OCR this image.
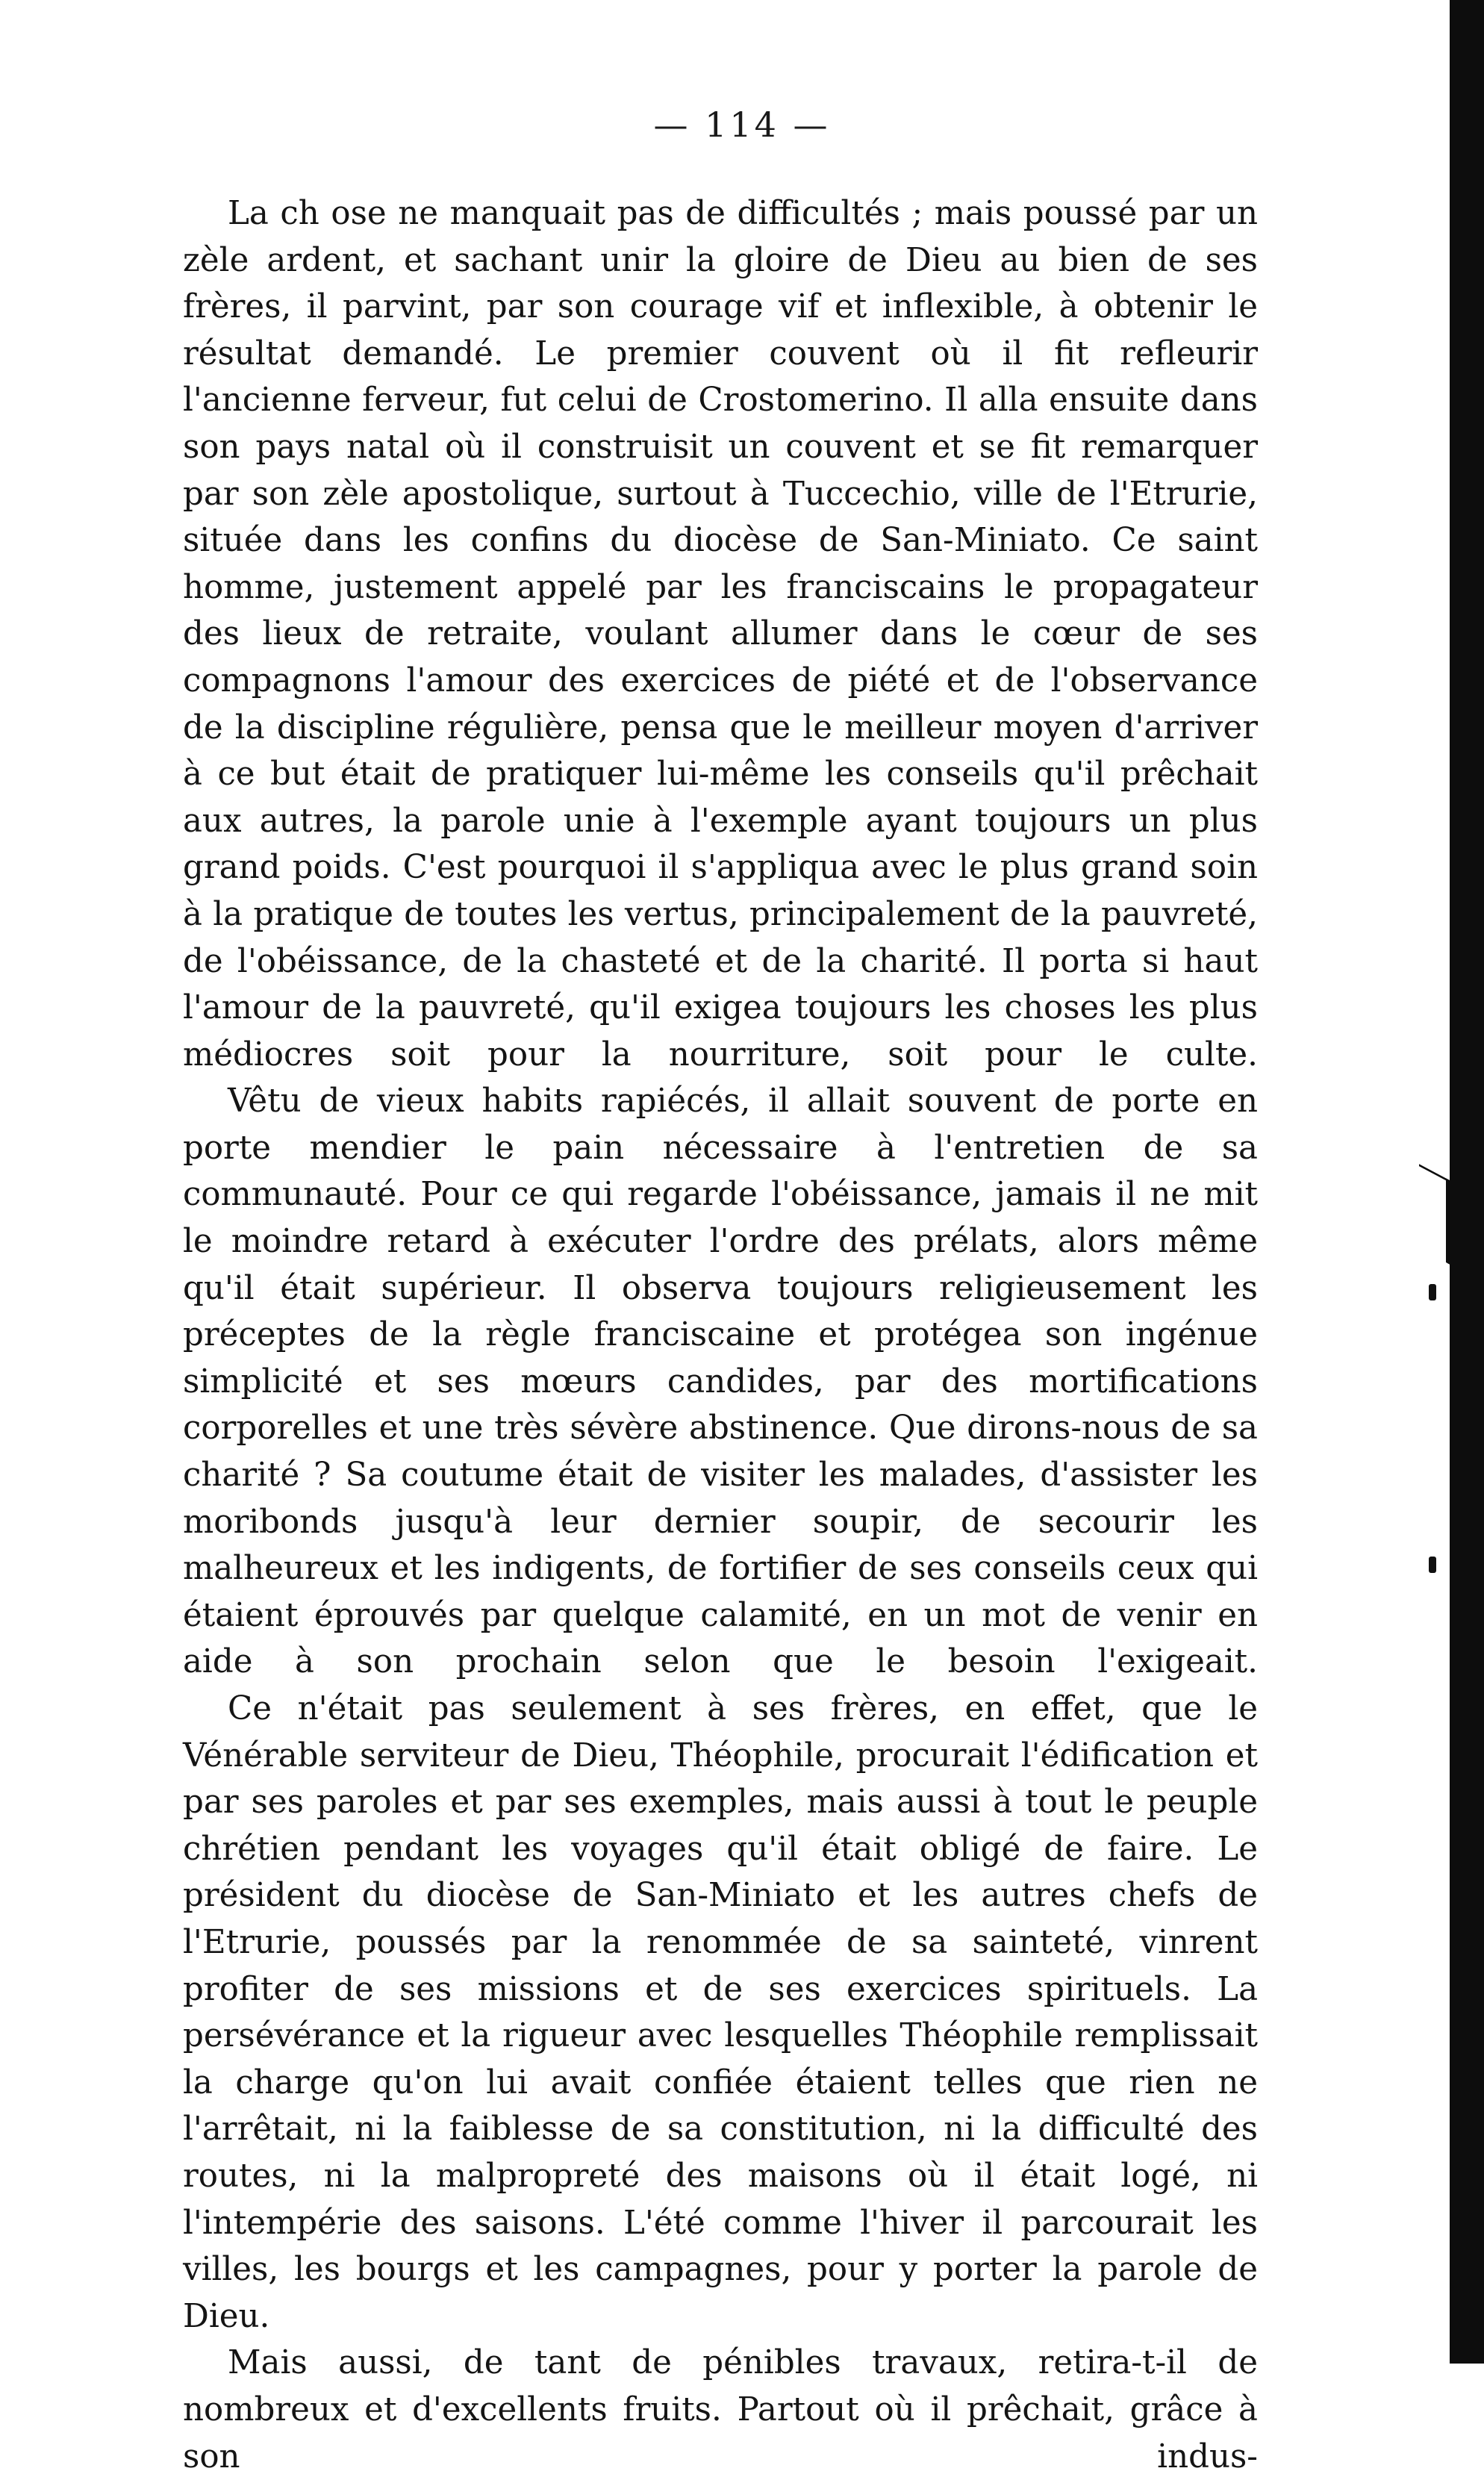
— 114 —

La ch ose ne manquait pas de difficultés ; mais poussé par un zèle ardent, et sachant unir la gloire de Dieu au bien de ses frères, il parvint, par son courage vif et inflexible, à obtenir le résultat demandé. Le premier couvent où il fit refleurir l'ancienne ferveur, fut celui de Crostomerino. Il alla ensuite dans son pays natal où il construisit un couvent et se fit remarquer par son zèle apostolique, surtout à Tuccechio, ville de l'Etrurie, située dans les confins du diocèse de San-Miniato. Ce saint homme, justement appelé par les franciscains le propagateur des lieux de retraite, voulant allumer dans le cœur de ses compagnons l'amour des exercices de piété et de l'observance de la discipline régulière, pensa que le meilleur moyen d'arriver à ce but était de pratiquer lui-même les conseils qu'il prêchait aux autres, la parole unie à l'exemple ayant toujours un plus grand poids. C'est pourquoi il s'appliqua avec le plus grand soin à la pratique de toutes les vertus, principalement de la pauvreté, de l'obéissance, de la chasteté et de la charité. Il porta si haut l'amour de la pauvreté, qu'il exigea toujours les choses les plus médiocres soit pour la nourriture, soit pour le culte.

Vêtu de vieux habits rapiécés, il allait souvent de porte en porte mendier le pain nécessaire à l'entretien de sa communauté. Pour ce qui regarde l'obéissance, jamais il ne mit le moindre retard à exécuter l'ordre des prélats, alors même qu'il était supérieur. Il observa toujours religieusement les préceptes de la règle franciscaine et protégea son ingénue simplicité et ses mœurs candides, par des mortifications corporelles et une très sévère abstinence. Que dirons-nous de sa charité ? Sa coutume était de visiter les malades, d'assister les moribonds jusqu'à leur dernier soupir, de secourir les malheureux et les indigents, de fortifier de ses conseils ceux qui étaient éprouvés par quelque calamité, en un mot de venir en aide à son prochain selon que le besoin l'exigeait.

Ce n'était pas seulement à ses frères, en effet, que le Vénérable serviteur de Dieu, Théophile, procurait l'édification et par ses paroles et par ses exemples, mais aussi à tout le peuple chrétien pendant les voyages qu'il était obligé de faire. Le président du diocèse de San-Miniato et les autres chefs de l'Etrurie, poussés par la renommée de sa sainteté, vinrent profiter de ses missions et de ses exercices spirituels. La persévérance et la rigueur avec lesquelles Théophile remplissait la charge qu'on lui avait confiée étaient telles que rien ne l'arrêtait, ni la faiblesse de sa constitution, ni la difficulté des routes, ni la malpropreté des maisons où il était logé, ni l'intempérie des saisons. L'été comme l'hiver il parcourait les villes, les bourgs et les campagnes, pour y porter la parole de Dieu.

Mais aussi, de tant de pénibles travaux, retira-t-il de nombreux et d'excellents fruits. Partout où il prêchait, grâce à son indus-
